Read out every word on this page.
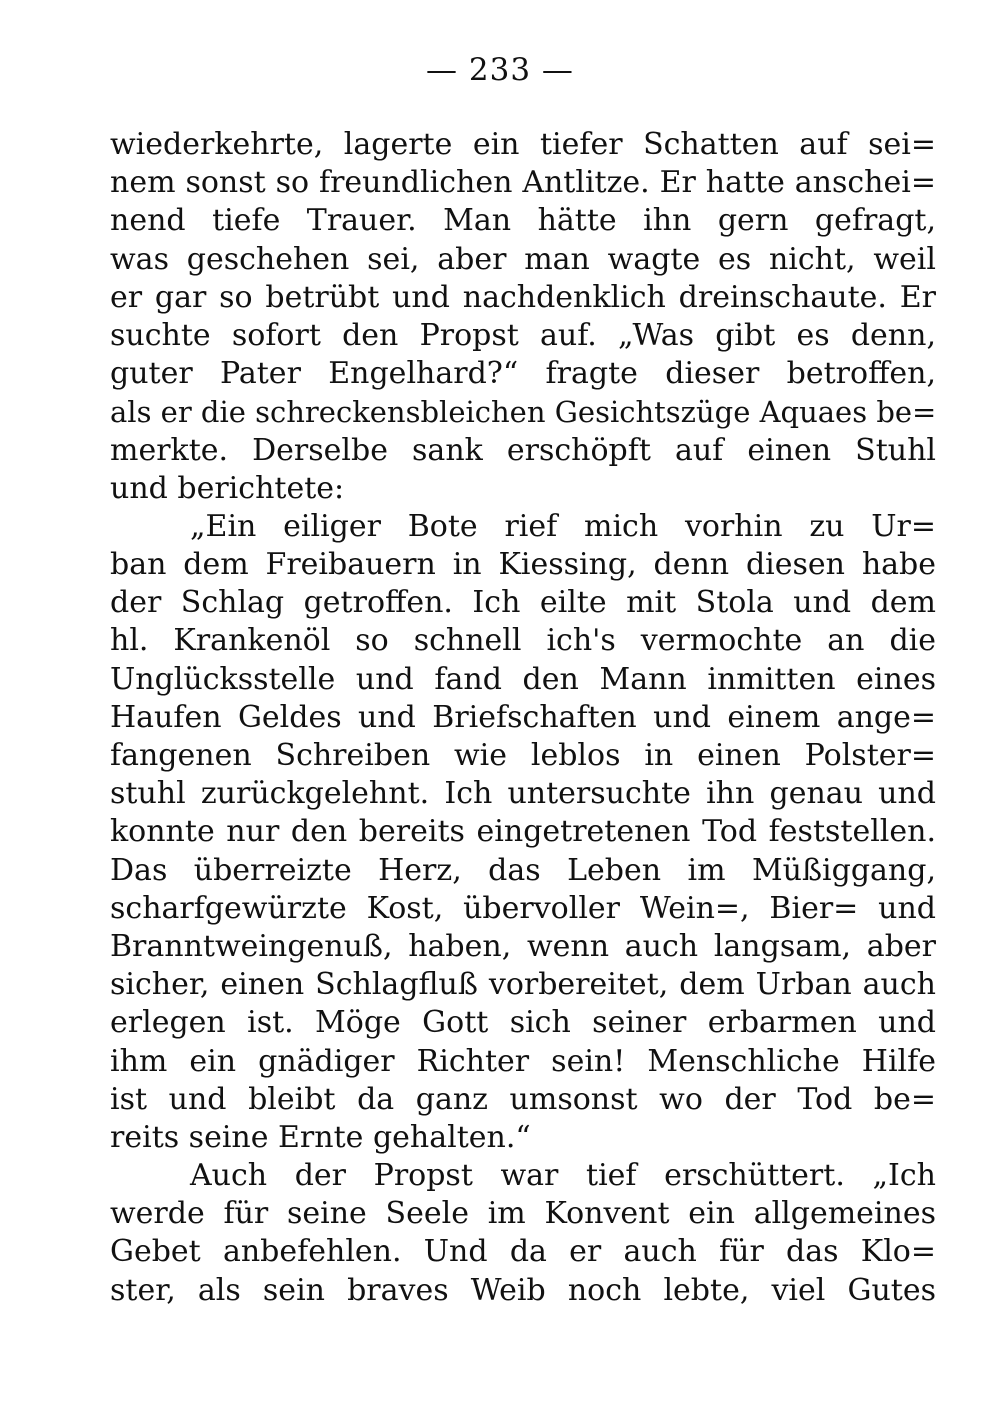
— 233 —
wiederkehrte, lagerte ein tiefer Schatten auf sei=
nem sonst so freundlichen Antlitze. Er hatte anschei=
nend tiefe Trauer. Man hätte ihn gern gefragt,
was geschehen sei, aber man wagte es nicht, weil
er gar so betrübt und nachdenklich dreinschaute. Er
suchte sofort den Propst auf. „Was gibt es denn,
guter Pater Engelhard?“ fragte dieser betroffen,
als er die schreckensbleichen Gesichtszüge Aquaes be=
merkte. Derselbe sank erschöpft auf einen Stuhl
und berichtete:
„Ein eiliger Bote rief mich vorhin zu Ur=
ban dem Freibauern in Kiessing, denn diesen habe
der Schlag getroffen. Ich eilte mit Stola und dem
hl. Krankenöl so schnell ich's vermochte an die
Unglücksstelle und fand den Mann inmitten eines
Haufen Geldes und Briefschaften und einem ange=
fangenen Schreiben wie leblos in einen Polster=
stuhl zurückgelehnt. Ich untersuchte ihn genau und
konnte nur den bereits eingetretenen Tod feststellen.
Das überreizte Herz, das Leben im Müßiggang,
scharfgewürzte Kost, übervoller Wein=, Bier= und
Branntweingenuß, haben, wenn auch langsam, aber
sicher, einen Schlagfluß vorbereitet, dem Urban auch
erlegen ist. Möge Gott sich seiner erbarmen und
ihm ein gnädiger Richter sein! Menschliche Hilfe
ist und bleibt da ganz umsonst wo der Tod be=
reits seine Ernte gehalten.“
Auch der Propst war tief erschüttert. „Ich
werde für seine Seele im Konvent ein allgemeines
Gebet anbefehlen. Und da er auch für das Klo=
ster, als sein braves Weib noch lebte, viel Gutes
